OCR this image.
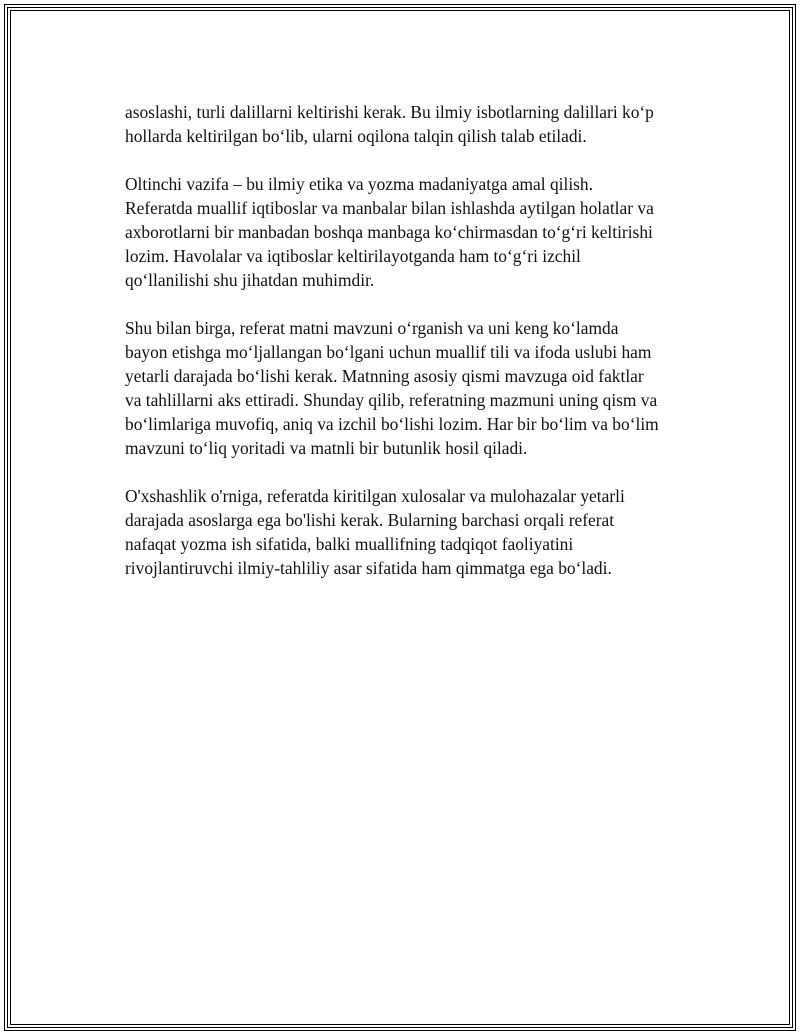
asoslashi, turli dalillarni keltirishi kerak. Bu ilmiy isbotlarning dalillari ko‘p
hollarda keltirilgan bo‘lib, ularni oqilona talqin qilish talab etiladi.

Oltinchi vazifa – bu ilmiy etika va yozma madaniyatga amal qilish.
Referatda muallif iqtiboslar va manbalar bilan ishlashda aytilgan holatlar va
axborotlarni bir manbadan boshqa manbaga ko‘chirmasdan to‘g‘ri keltirishi
lozim. Havolalar va iqtiboslar keltirilayotganda ham to‘g‘ri izchil
qo‘llanilishi shu jihatdan muhimdir.

Shu bilan birga, referat matni mavzuni o‘rganish va uni keng ko‘lamda
bayon etishga mo‘ljallangan bo‘lgani uchun muallif tili va ifoda uslubi ham
yetarli darajada bo‘lishi kerak. Matnning asosiy qismi mavzuga oid faktlar
va tahlillarni aks ettiradi. Shunday qilib, referatning mazmuni uning qism va
bo‘limlariga muvofiq, aniq va izchil bo‘lishi lozim. Har bir bo‘lim va bo‘lim
mavzuni to‘liq yoritadi va matnli bir butunlik hosil qiladi.

O'xshashlik o'rniga, referatda kiritilgan xulosalar va mulohazalar yetarli
darajada asoslarga ega bo'lishi kerak. Bularning barchasi orqali referat
nafaqat yozma ish sifatida, balki muallifning tadqiqot faoliyatini
rivojlantiruvchi ilmiy-tahliliy asar sifatida ham qimmatga ega bo‘ladi.
